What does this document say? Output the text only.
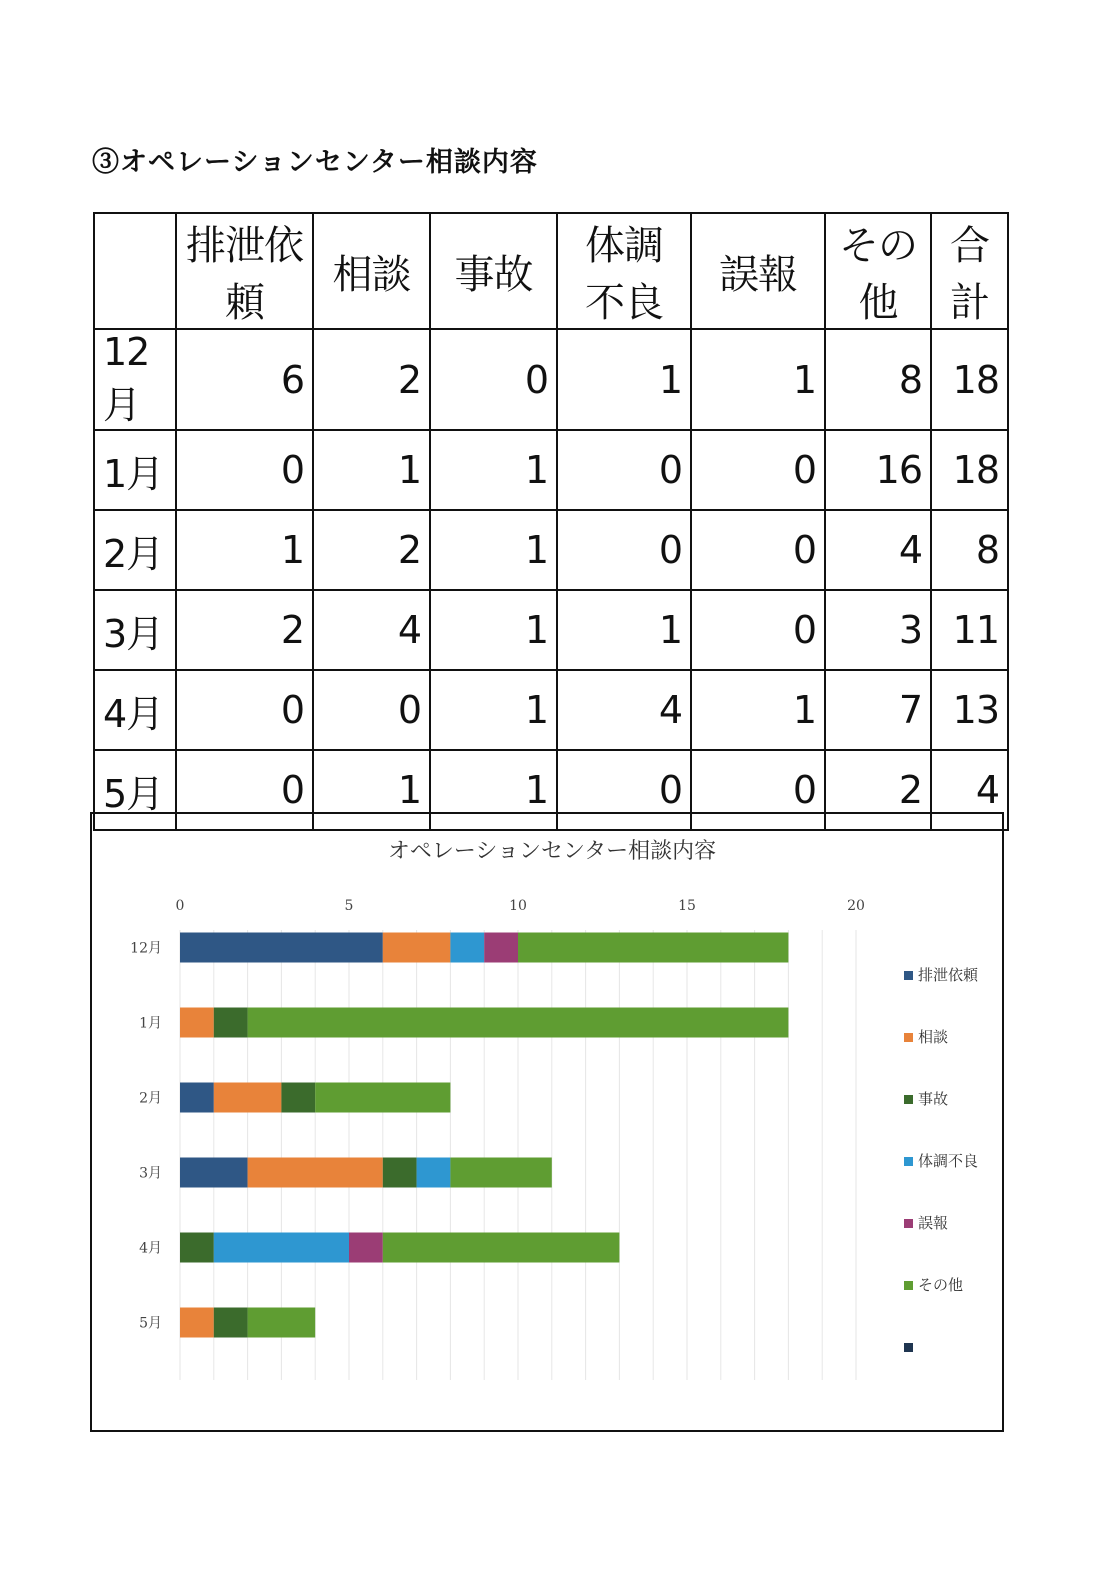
③オペレーションセンター相談内容
	排泄依頼	相談	事故	体調不良	誤報	その他	合計
12月	6	2	0	1	1	8	18
1月	0	1	1	0	0	16	18
2月	1	2	1	0	0	4	8
3月	2	4	1	1	0	3	11
4月	0	0	1	4	1	7	13
5月	0	1	1	0	0	2	4
オペレーションセンター相談内容
0	5	10	15	20
12月
1月
2月
3月
4月
5月
排泄依頼
相談
事故
体調不良
誤報
その他
